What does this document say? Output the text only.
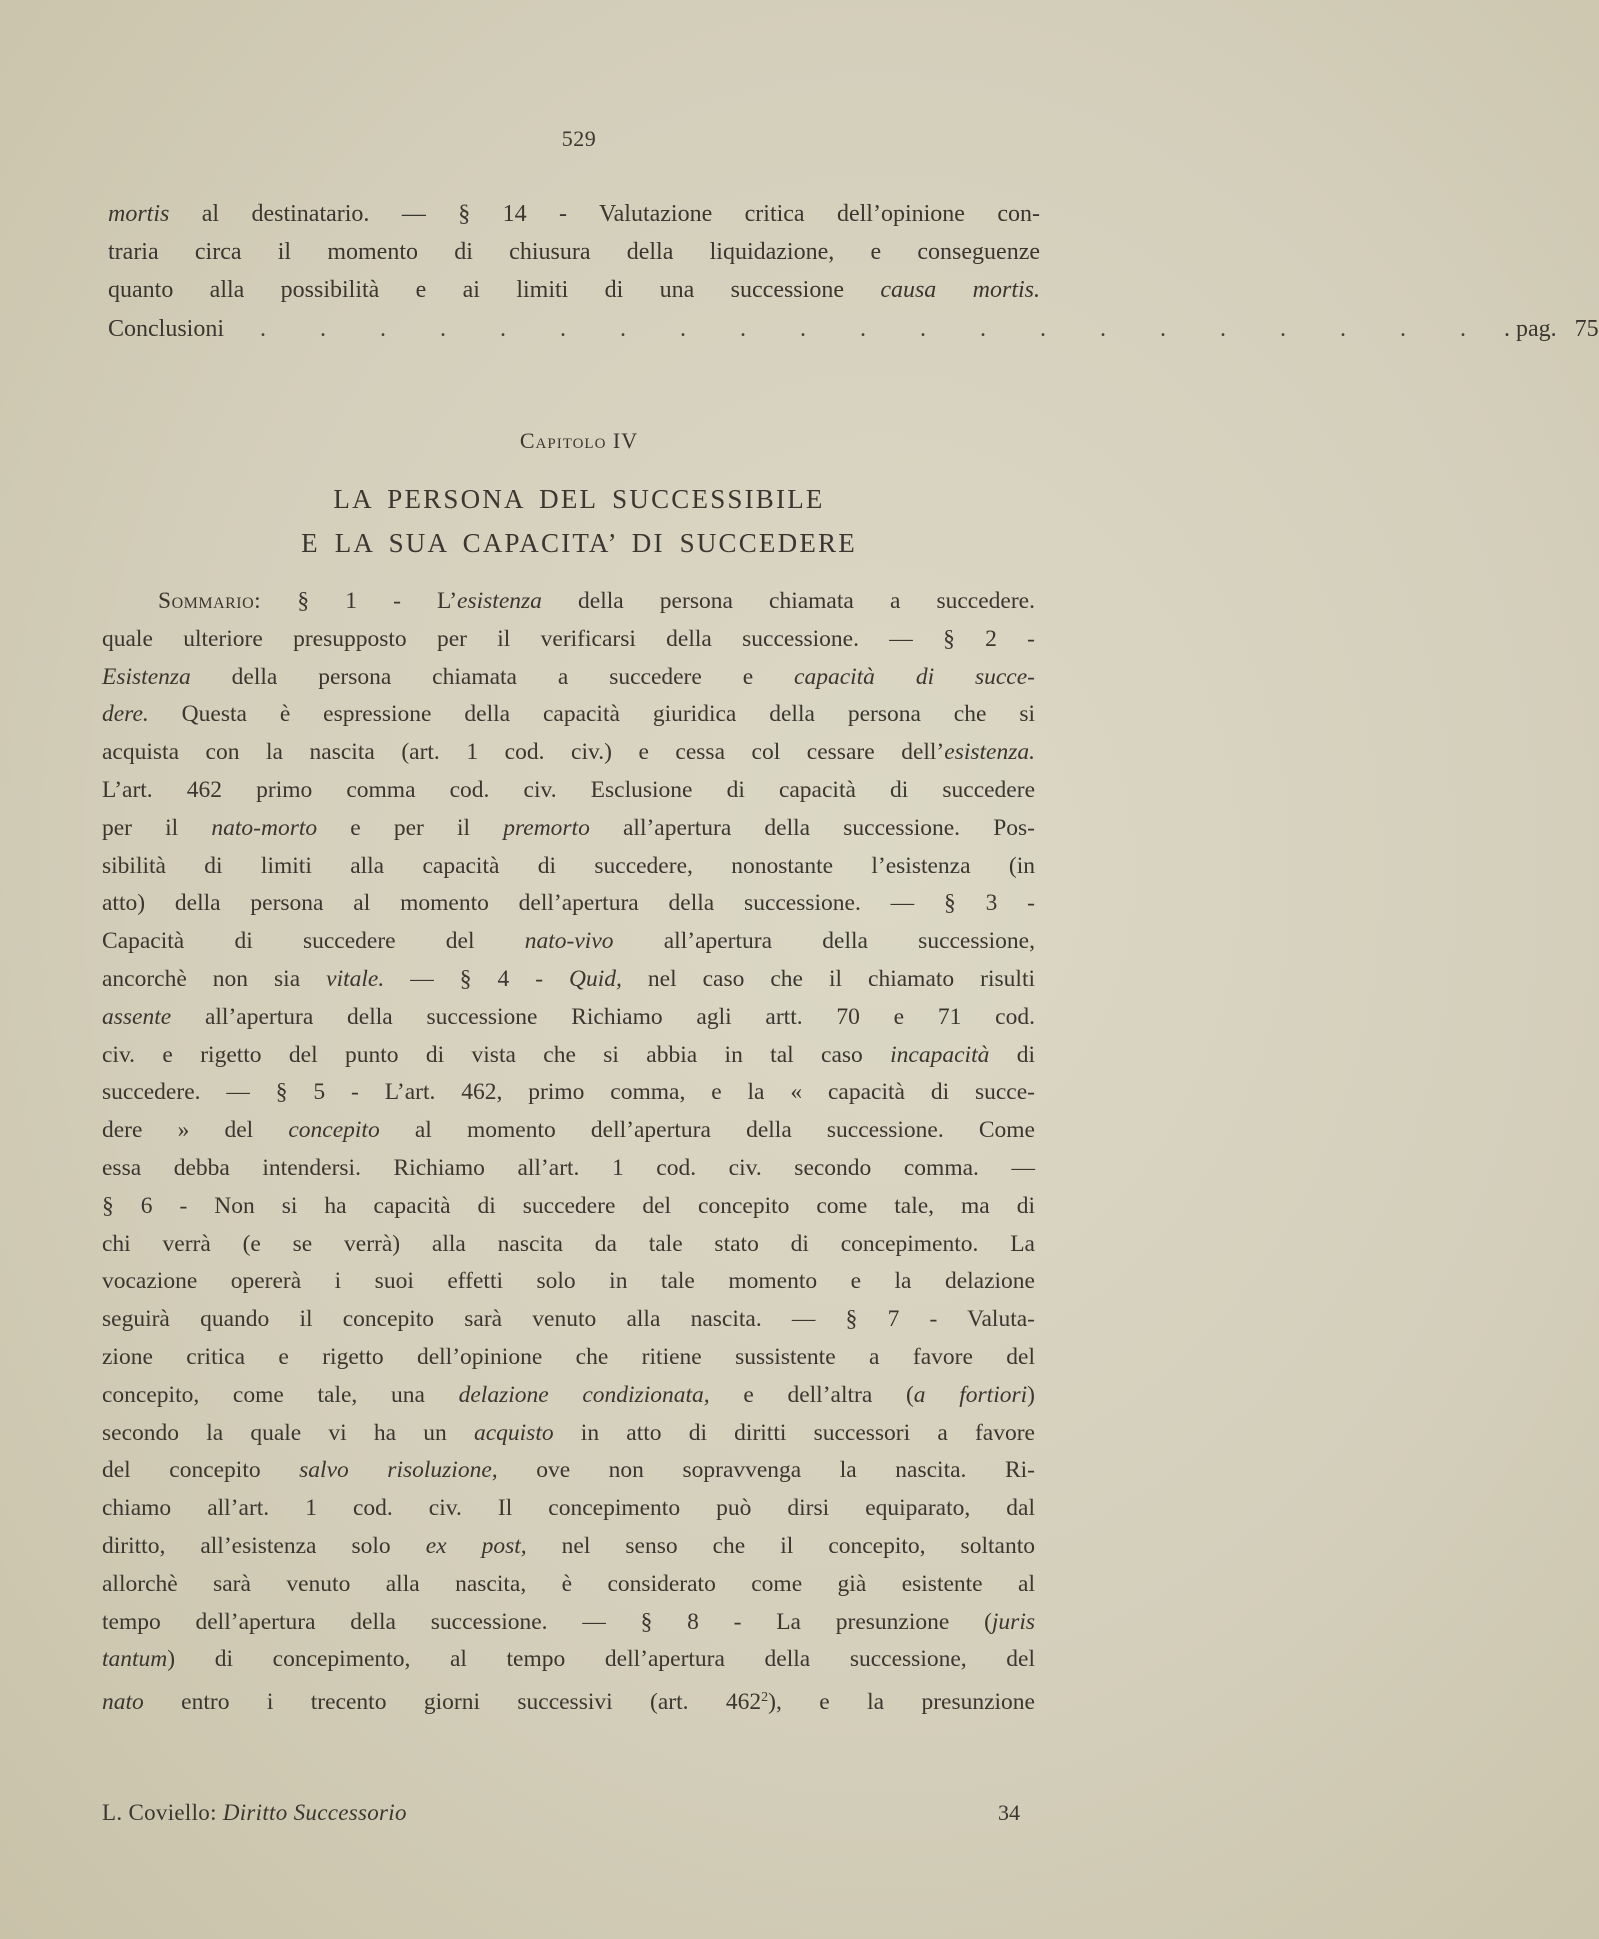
529
mortis al destinatario. — § 14 - Valutazione critica dell’opinione con-
traria circa il momento di chiusura della liquidazione, e conseguenze
quanto alla possibilità e ai limiti di una successione causa mortis.
Conclusioni	. . . . . . . . . . . . . . . . . . . . . . pag. 75
Capitolo IV
LA PERSONA DEL SUCCESSIBILE
E LA SUA CAPACITA’ DI SUCCEDERE
Sommario: § 1 - L’esistenza della persona chiamata a succedere.
quale ulteriore presupposto per il verificarsi della successione. — § 2 -
Esistenza della persona chiamata a succedere e capacità di succe-
dere. Questa è espressione della capacità giuridica della persona che si
acquista con la nascita (art. 1 cod. civ.) e cessa col cessare dell’esistenza.
L’art. 462 primo comma cod. civ. Esclusione di capacità di succedere
per il nato-morto e per il premorto all’apertura della successione. Pos-
sibilità di limiti alla capacità di succedere, nonostante l’esistenza (in
atto) della persona al momento dell’apertura della successione. — § 3 -
Capacità di succedere del nato-vivo all’apertura della successione,
ancorchè non sia vitale. — § 4 - Quid, nel caso che il chiamato risulti
assente all’apertura della successione Richiamo agli artt. 70 e 71 cod.
civ. e rigetto del punto di vista che si abbia in tal caso incapacità di
succedere. — § 5 - L’art. 462, primo comma, e la « capacità di succe-
dere » del concepito al momento dell’apertura della successione. Come
essa debba intendersi. Richiamo all’art. 1 cod. civ. secondo comma. —
§ 6 - Non si ha capacità di succedere del concepito come tale, ma di
chi verrà (e se verrà) alla nascita da tale stato di concepimento. La
vocazione opererà i suoi effetti solo in tale momento e la delazione
seguirà quando il concepito sarà venuto alla nascita. — § 7 - Valuta-
zione critica e rigetto dell’opinione che ritiene sussistente a favore del
concepito, come tale, una delazione condizionata, e dell’altra (a fortiori)
secondo la quale vi ha un acquisto in atto di diritti successori a favore
del concepito salvo risoluzione, ove non sopravvenga la nascita. Ri-
chiamo all’art. 1 cod. civ. Il concepimento può dirsi equiparato, dal
diritto, all’esistenza solo ex post, nel senso che il concepito, soltanto
allorchè sarà venuto alla nascita, è considerato come già esistente al
tempo dell’apertura della successione. — § 8 - La presunzione (juris
tantum) di concepimento, al tempo dell’apertura della successione, del
nato entro i trecento giorni successivi (art. $462^2$), e la presunzione
L. Coviello: Diritto Successorio	34
